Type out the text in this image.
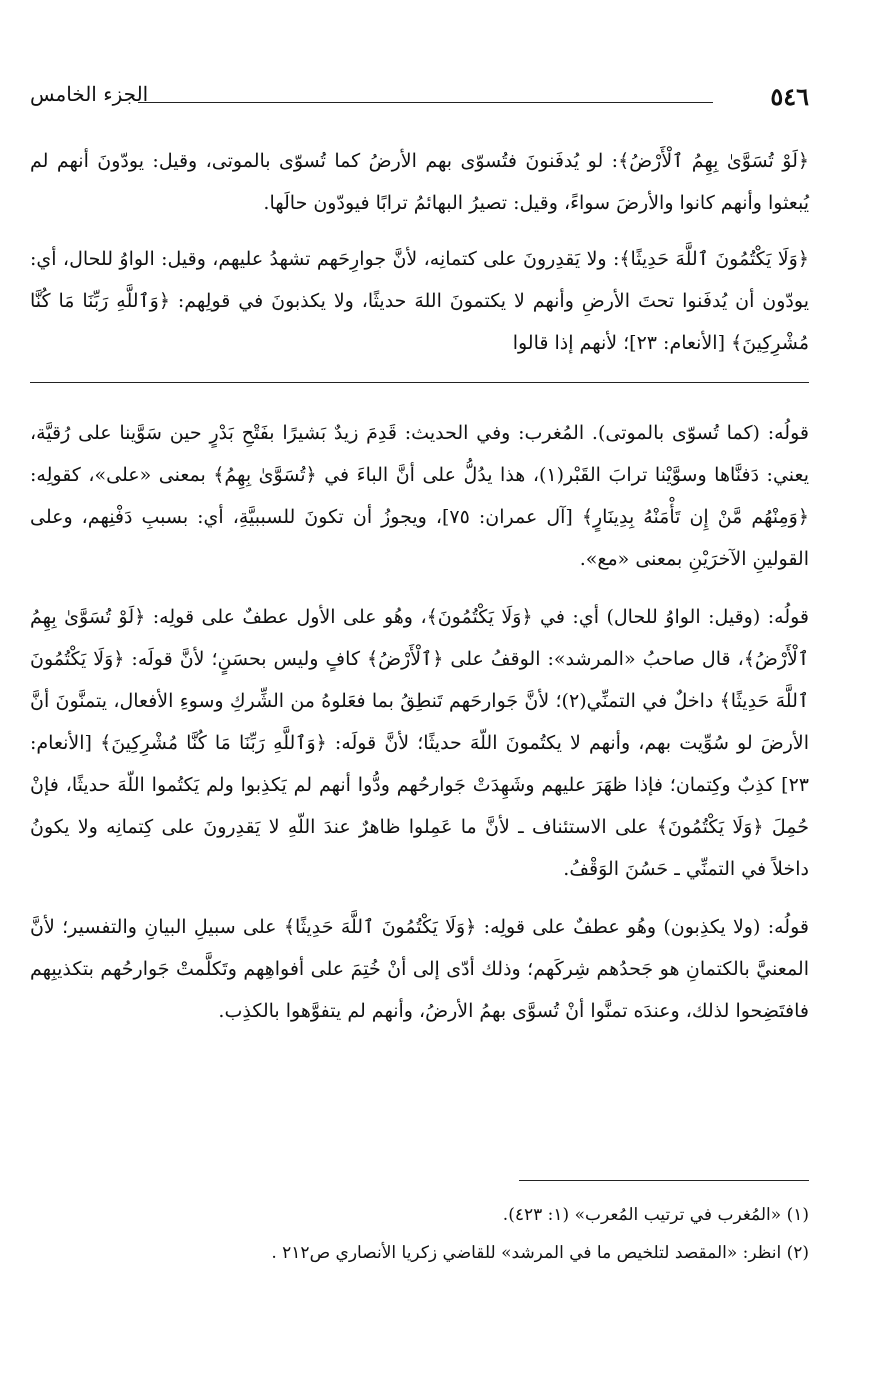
٥٤٦
الجزء الخامس

﴿لَوْ تُسَوَّىٰ بِهِمُ ٱلْأَرْضُ﴾: لو يُدفَنونَ فتُسوّى بهم الأرضُ كما تُسوّى بالموتى، وقيل: يودّونَ أنهم لم يُبعثوا وأنهم كانوا والأرضَ سواءً، وقيل: تصيرُ البهائمُ ترابًا فيودّون حالَها.

﴿وَلَا يَكْتُمُونَ ٱللَّهَ حَدِيثًا﴾: ولا يَقدِرونَ على كتمانِه، لأنَّ جوارِحَهم تشهدُ عليهم، وقيل: الواوُ للحال، أي: يودّون أن يُدفَنوا تحتَ الأرضِ وأنهم لا يكتمونَ اللهَ حديثًا، ولا يكذبونَ في قولِهم: ﴿وَٱللَّهِ رَبِّنَا مَا كُنَّا مُشْرِكِينَ﴾ [الأنعام: ٢٣]؛ لأنهم إذا قالوا

قولُه: (كما تُسوّى بالموتى). المُغرب: وفي الحديث: قَدِمَ زيدٌ بَشيرًا بفَتْحِ بَدْرٍ حين سَوَّينا على رُقيَّة، يعني: دَفنَّاها وسوَّيْنا ترابَ القَبْر(١)، هذا يدُلُّ على أنَّ الباءَ في ﴿تُسَوَّىٰ بِهِمُ﴾ بمعنى «على»، كقولِه: ﴿وَمِنْهُم مَّنْ إِن تَأْمَنْهُ بِدِينَارٍ﴾ [آل عمران: ٧٥]، ويجوزُ أن تكونَ للسببيَّةِ، أي: بسببِ دَفْنِهم، وعلى القولينِ الآخرَيْنِ بمعنى «مع».

قولُه: (وقيل: الواوُ للحال) أي: في ﴿وَلَا يَكْتُمُونَ﴾، وهُو على الأول عطفٌ على قولِه: ﴿لَوْ تُسَوَّىٰ بِهِمُ ٱلْأَرْضُ﴾، قال صاحبُ «المرشد»: الوقفُ على ﴿ٱلْأَرْضُ﴾ كافٍ وليس بحسَنٍ؛ لأنَّ قولَه: ﴿وَلَا يَكْتُمُونَ ٱللَّهَ حَدِيثًا﴾ داخلٌ في التمنِّي(٢)؛ لأنَّ جَوارحَهم تَنطِقُ بما فعَلوهُ من الشِّركِ وسوءِ الأفعال، يتمنَّونَ أنَّ الأرضَ لو سُوِّيت بهم، وأنهم لا يكتُمونَ اللّهَ حديثًا؛ لأنَّ قولَه: ﴿وَٱللَّهِ رَبِّنَا مَا كُنَّا مُشْرِكِينَ﴾ [الأنعام: ٢٣] كذِبٌ وكِتمان؛ فإذا ظهَرَ عليهم وشَهِدَتْ جَوارحُهم ودُّوا أنهم لم يَكذِبوا ولم يَكتُموا اللّهَ حديثًا، فإنْ حُمِلَ ﴿وَلَا يَكْتُمُونَ﴾ على الاستئناف ـ لأنَّ ما عَمِلوا ظاهرٌ عندَ اللّهِ لا يَقدِرونَ على كِتمانِه ولا يكونُ داخلاً في التمنِّي ـ حَسُنَ الوَقْفُ.

قولُه: (ولا يكذِبون) وهُو عطفٌ على قولِه: ﴿وَلَا يَكْتُمُونَ ٱللَّهَ حَدِيثًا﴾ على سبيلِ البيانِ والتفسير؛ لأنَّ المعنيَّ بالكتمانِ هو جَحدُهم شِركَهم؛ وذلك أدّى إلى أنْ خُتِمَ على أفواهِهم وتَكلَّمتْ جَوارحُهم بتكذيبِهم فافتَضِحوا لذلك، وعندَه تمنَّوا أنْ تُسوَّى بهمُ الأرضُ، وأنهم لم يتفوَّهوا بالكذِب.

(١) «المُغرب في ترتيب المُعرب» (١: ٤٢٣).

(٢) انظر: «المقصد لتلخيص ما في المرشد» للقاضي زكريا الأنصاري ص٢١٢ .
